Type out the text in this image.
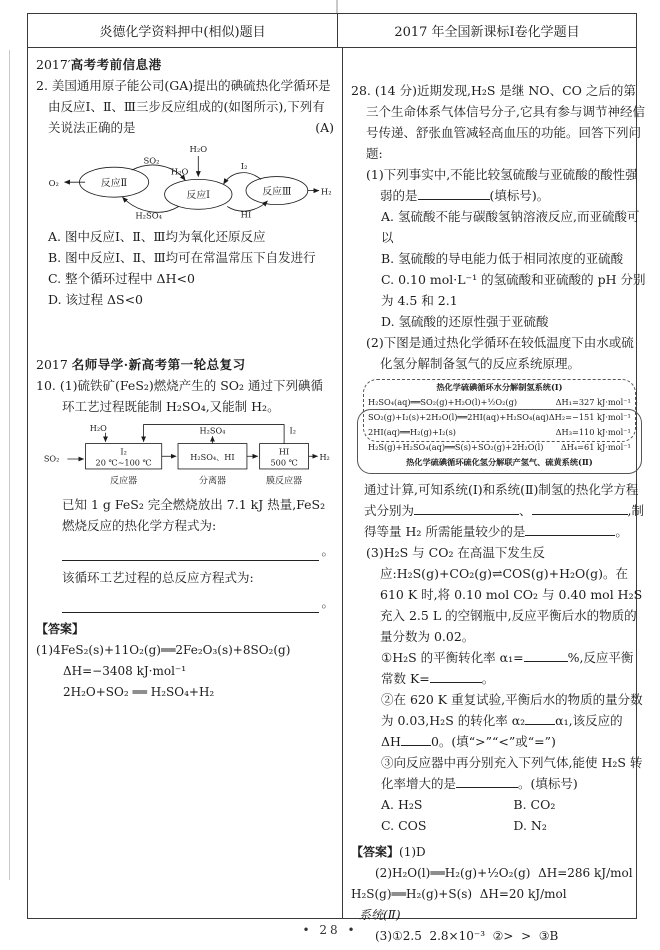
炎德化学资料押中(相似)题目	2017 年全国新课标Ⅰ卷化学题目

2017′高考考前信息港

2. 美国通用原子能公司(GA)提出的碘硫热化学循环是由反应Ⅰ、Ⅱ、Ⅲ三步反应组成的(如图所示),下列有关说法正确的是	(A)

O₂
SO₂
H₂O
H₂SO₄
H₂O
I₂
HI
H₂
反应Ⅱ
反应Ⅰ	反应Ⅲ

A. 图中反应Ⅰ、Ⅱ、Ⅲ均为氧化还原反应

B. 图中反应Ⅰ、Ⅱ、Ⅲ均可在常温常压下自发进行

C. 整个循环过程中 ΔH<0

D. 该过程 ΔS<0

2017 名师导学·新高考第一轮总复习

10. (1)硫铁矿(FeS₂)燃烧产生的 SO₂ 通过下列碘循环工艺过程既能制 H₂SO₄,又能制 H₂。

SO₂
H₂O
I₂
20 ℃~100 ℃
H₂SO₄
H₂SO₄、HI
I₂
HI
500 ℃
H₂
反应器	分离器	膜反应器

已知 1 g FeS₂ 完全燃烧放出 7.1 kJ 热量,FeS₂ 燃烧反应的热化学方程式为:

。

该循环工艺过程的总反应方程式为:

。

【答案】(1)4FeS₂(s)+11O₂(g)══2Fe₂O₃(s)+8SO₂(g)

ΔH=−3408 kJ·mol⁻¹

2H₂O+SO₂ ══ H₂SO₄+H₂

28. (14 分)近期发现,H₂S 是继 NO、CO 之后的第三个生命体系气体信号分子,它具有参与调节神经信号传递、舒张血管减轻高血压的功能。回答下列问题:

(1)下列事实中,不能比较氢硫酸与亚硫酸的酸性强弱的是	(填标号)。

A. 氢硫酸不能与碳酸氢钠溶液反应,而亚硫酸可以

B. 氢硫酸的导电能力低于相同浓度的亚硫酸

C. 0.10 mol·L⁻¹ 的氢硫酸和亚硫酸的 pH 分别为 4.5 和 2.1

D. 氢硫酸的还原性强于亚硫酸

(2)下图是通过热化学循环在较低温度下由水或硫化氢分解制备氢气的反应系统原理。

热化学硫碘循环水分解制氢系统(Ⅰ)
H₂SO₄(aq)══SO₂(g)+H₂O(l)+½O₂(g)	ΔH₁=327 kJ·mol⁻¹
SO₂(g)+I₂(s)+2H₂O(l)══2HI(aq)+H₂SO₄(aq) ΔH₂=−151 kJ·mol⁻¹
2HI(aq)══H₂(g)+I₂(s)	ΔH₃=110 kJ·mol⁻¹
H₂S(g)+H₂SO₄(aq)══S(s)+SO₂(g)+2H₂O(l) ΔH₄=61 kJ·mol⁻¹
热化学硫碘循环硫化氢分解联产氢气、硫黄系统(Ⅱ)

通过计算,可知系统(Ⅰ)和系统(Ⅱ)制氢的热化学方程式分别为	、	,制得等量 H₂ 所需能量较少的是	。

(3)H₂S 与 CO₂ 在高温下发生反应:H₂S(g)+CO₂(g)⇌COS(g)+H₂O(g)。在 610 K 时,将 0.10 mol CO₂ 与 0.40 mol H₂S 充入 2.5 L 的空钢瓶中,反应平衡后水的物质的量分数为 0.02。

①H₂S 的平衡转化率 α₁=	%,反应平衡常数 K=	。

②在 620 K 重复试验,平衡后水的物质的量分数为 0.03,H₂S 的转化率 α₂ α₁,该反应的 ΔH 0。(填“>”“<”或“=”)

③向反应器中再分别充入下列气体,能使 H₂S 转化率增大的是	。(填标号)

A. H₂S	B. CO₂
C. COS	D. N₂

【答案】(1)D

(2)H₂O(l)══H₂(g)+½O₂(g)  ΔH=286 kJ/mol  H₂S(g)══H₂(g)+S(s)  ΔH=20 kJ/mol

系统(Ⅱ)

(3)①2.5  2.8×10⁻³  ②>  >  ③B

• 28 •
